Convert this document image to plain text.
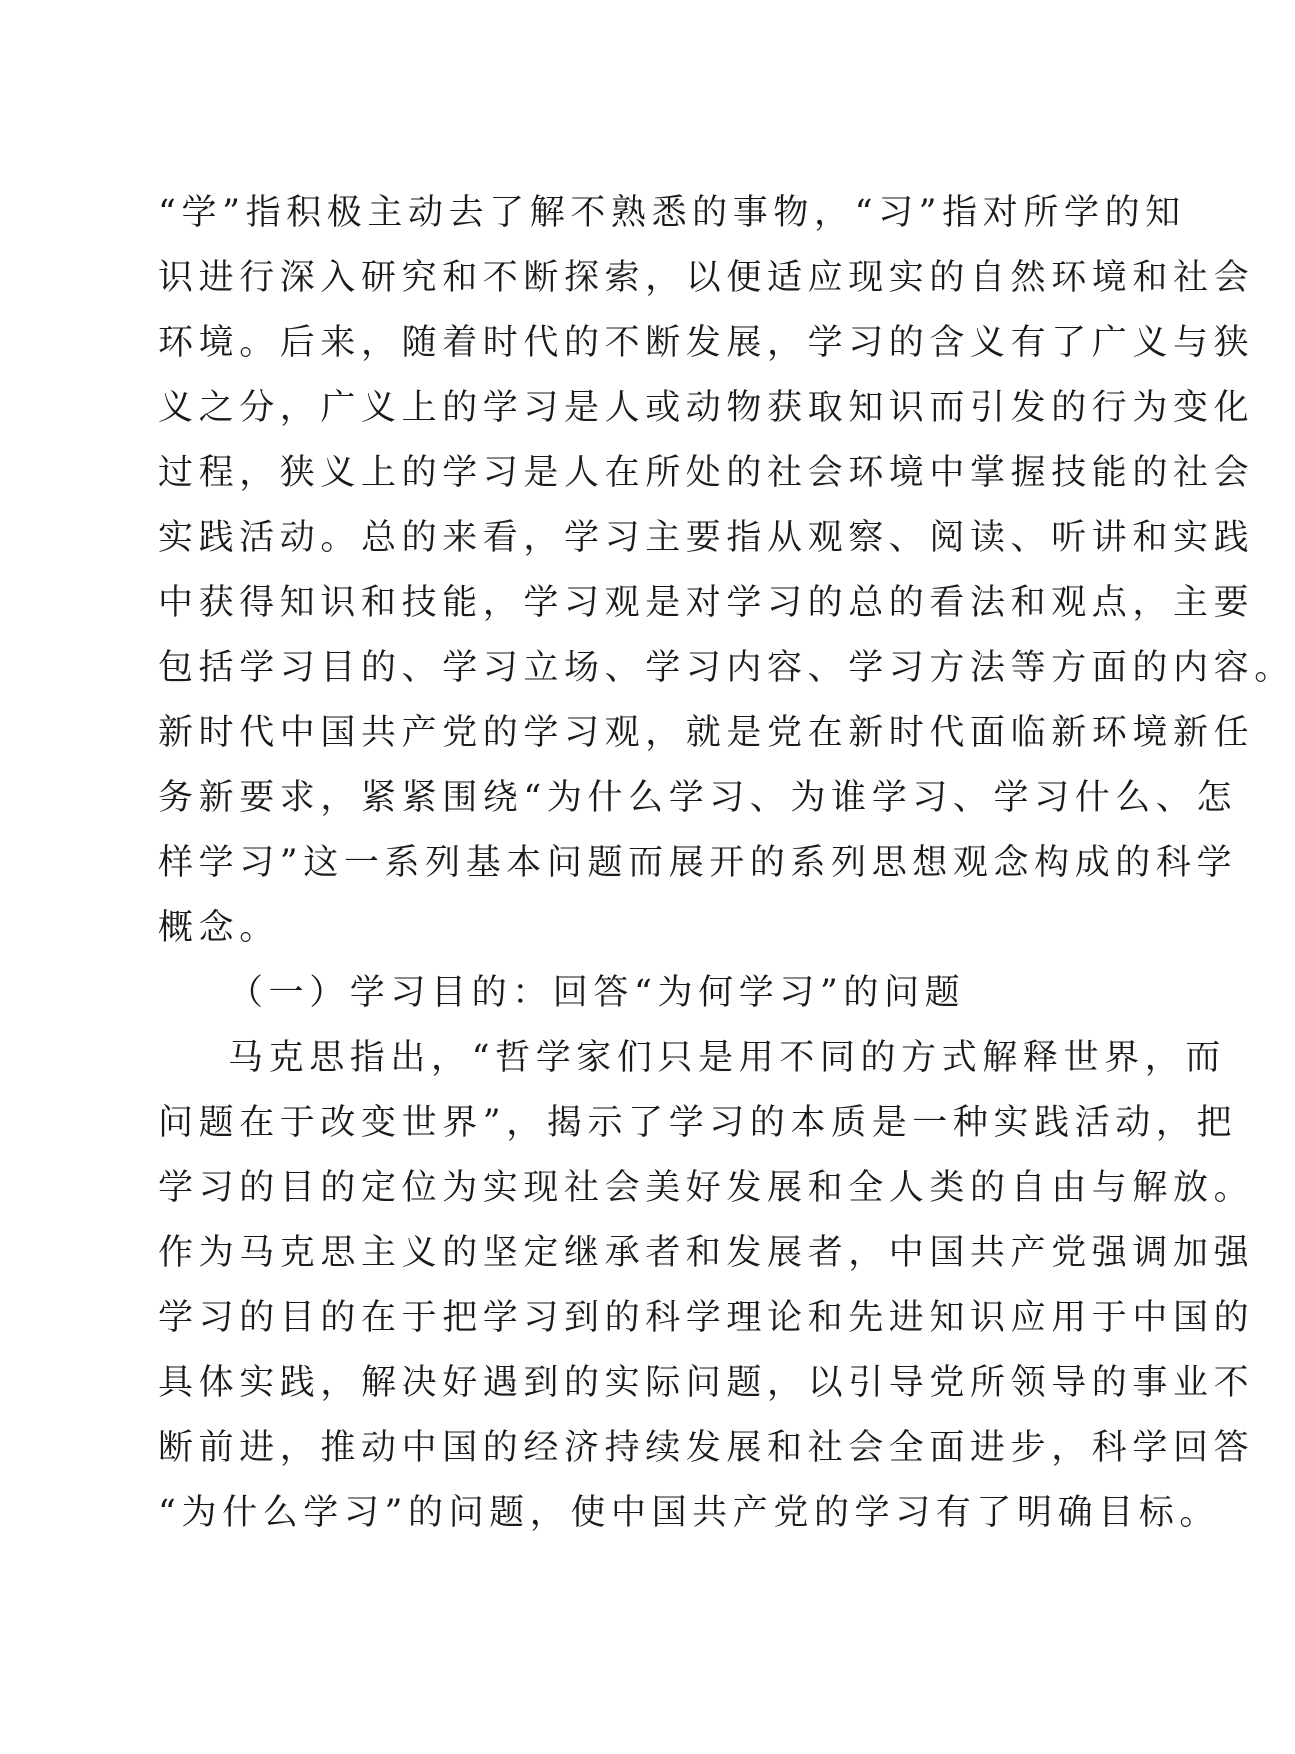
“学”指积极主动去了解不熟悉的事物，“习”指对所学的知
识进行深入研究和不断探索，以便适应现实的自然环境和社会
环境。后来，随着时代的不断发展，学习的含义有了广义与狭
义之分，广义上的学习是人或动物获取知识而引发的行为变化
过程，狭义上的学习是人在所处的社会环境中掌握技能的社会
实践活动。总的来看，学习主要指从观察、阅读、听讲和实践
中获得知识和技能，学习观是对学习的总的看法和观点，主要
包括学习目的、学习立场、学习内容、学习方法等方面的内容。
新时代中国共产党的学习观，就是党在新时代面临新环境新任
务新要求，紧紧围绕“为什么学习、为谁学习、学习什么、怎
样学习”这一系列基本问题而展开的系列思想观念构成的科学
概念。
（一）学习目的：回答“为何学习”的问题
马克思指出，“哲学家们只是用不同的方式解释世界，而
问题在于改变世界”，揭示了学习的本质是一种实践活动，把
学习的目的定位为实现社会美好发展和全人类的自由与解放。
作为马克思主义的坚定继承者和发展者，中国共产党强调加强
学习的目的在于把学习到的科学理论和先进知识应用于中国的
具体实践，解决好遇到的实际问题，以引导党所领导的事业不
断前进，推动中国的经济持续发展和社会全面进步，科学回答
“为什么学习”的问题，使中国共产党的学习有了明确目标。
